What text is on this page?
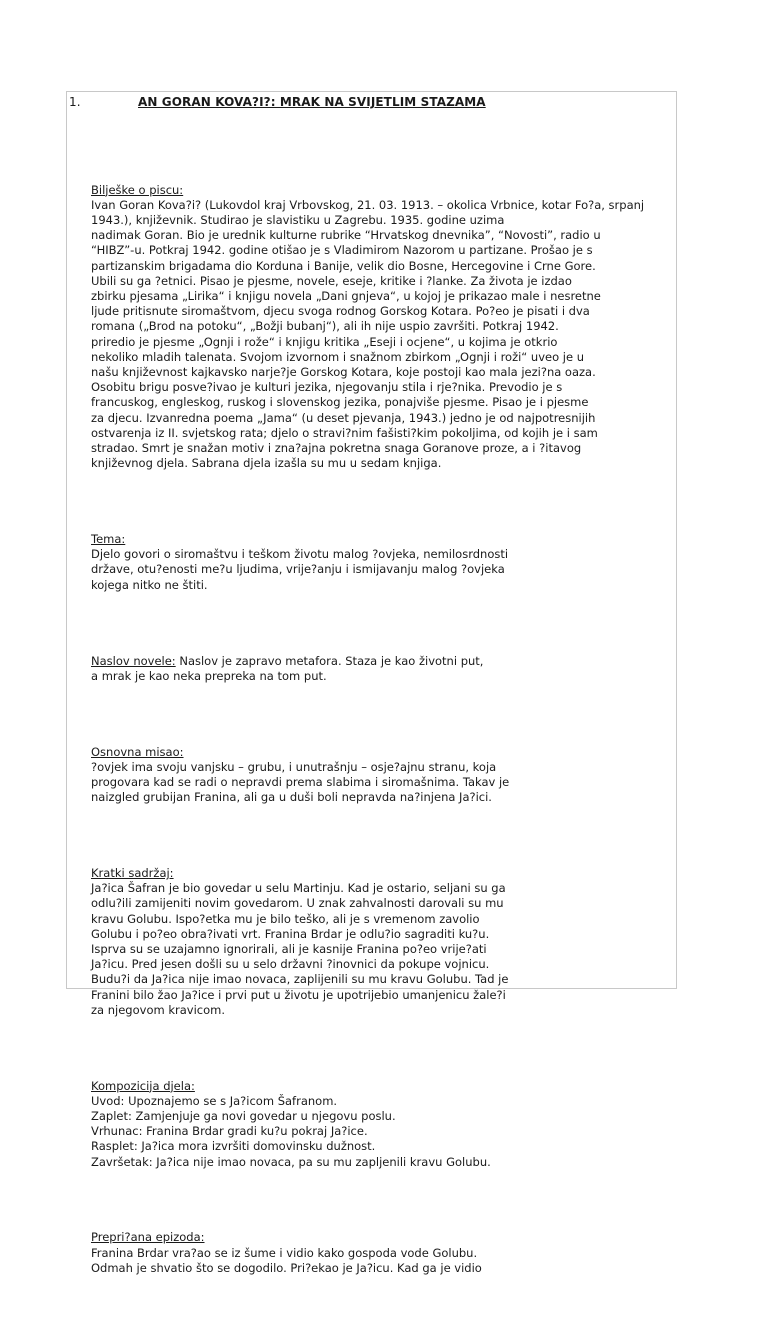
1.	AN GORAN KOVA?I?: MRAK NA SVIJETLIM STAZAMA

Bilješke o piscu:
Ivan Goran Kova?i? (Lukovdol kraj Vrbovskog, 21. 03. 1913. – okolica Vrbnice, kotar Fo?a, srpanj 1943.), književnik. Studirao je slavistiku u Zagrebu. 1935. godine uzima
nadimak Goran. Bio je urednik kulturne rubrike “Hrvatskog dnevnika”, “Novosti”, radio u
“HIBZ”-u. Potkraj 1942. godine otišao je s Vladimirom Nazorom u partizane. Prošao je s
partizanskim brigadama dio Korduna i Banije, velik dio Bosne, Hercegovine i Crne Gore.
Ubili su ga ?etnici. Pisao je pjesme, novele, eseje, kritike i ?lanke. Za života je izdao
zbirku pjesama „Lirika“ i knjigu novela „Dani gnjeva“, u kojoj je prikazao male i nesretne
ljude pritisnute siromaštvom, djecu svoga rodnog Gorskog Kotara. Po?eo je pisati i dva
romana („Brod na potoku“, „Božji bubanj“), ali ih nije uspio završiti. Potkraj 1942.
priredio je pjesme „Ognji i rože“ i knjigu kritika „Eseji i ocjene“, u kojima je otkrio
nekoliko mladih talenata. Svojom izvornom i snažnom zbirkom „Ognji i roži“ uveo je u
našu književnost kajkavsko narje?je Gorskog Kotara, koje postoji kao mala jezi?na oaza.
Osobitu brigu posve?ivao je kulturi jezika, njegovanju stila i rje?nika. Prevodio je s
francuskog, engleskog, ruskog i slovenskog jezika, ponajviše pjesme. Pisao je i pjesme
za djecu. Izvanredna poema „Jama“ (u deset pjevanja, 1943.) jedno je od najpotresnijih
ostvarenja iz II. svjetskog rata; djelo o stravi?nim fašisti?kim pokoljima, od kojih je i sam
stradao. Smrt je snažan motiv i zna?ajna pokretna snaga Goranove proze, a i ?itavog
književnog djela. Sabrana djela izašla su mu u sedam knjiga.

Tema:
Djelo govori o siromaštvu i teškom životu malog ?ovjeka, nemilosrdnosti
države, otu?enosti me?u ljudima, vrije?anju i ismijavanju malog ?ovjeka
kojega nitko ne štiti.

Naslov novele: Naslov je zapravo metafora. Staza je kao životni put,
a mrak je kao neka prepreka na tom put.

Osnovna misao:
?ovjek ima svoju vanjsku – grubu, i unutrašnju – osje?ajnu stranu, koja
progovara kad se radi o nepravdi prema slabima i siromašnima. Takav je
naizgled grubijan Franina, ali ga u duši boli nepravda na?injena Ja?ici.

Kratki sadržaj:
Ja?ica Šafran je bio govedar u selu Martinju. Kad je ostario, seljani su ga
odlu?ili zamijeniti novim govedarom. U znak zahvalnosti darovali su mu
kravu Golubu. Ispo?etka mu je bilo teško, ali je s vremenom zavolio
Golubu i po?eo obra?ivati vrt. Franina Brdar je odlu?io sagraditi ku?u.
Isprva su se uzajamno ignorirali, ali je kasnije Franina po?eo vrije?ati
Ja?icu. Pred jesen došli su u selo državni ?inovnici da pokupe vojnicu.
Budu?i da Ja?ica nije imao novaca, zaplijenili su mu kravu Golubu. Tad je
Franini bilo žao Ja?ice i prvi put u životu je upotrijebio umanjenicu žale?i
za njegovom kravicom.

Kompozicija djela:
Uvod: Upoznajemo se s Ja?icom Šafranom.
Zaplet: Zamjenjuje ga novi govedar u njegovu poslu.
Vrhunac: Franina Brdar gradi ku?u pokraj Ja?ice.
Rasplet: Ja?ica mora izvršiti domovinsku dužnost.
Završetak: Ja?ica nije imao novaca, pa su mu zapljenili kravu Golubu.

Prepri?ana epizoda:
Franina Brdar vra?ao se iz šume i vidio kako gospoda vode Golubu.
Odmah je shvatio što se dogodilo. Pri?ekao je Ja?icu. Kad ga je vidio
